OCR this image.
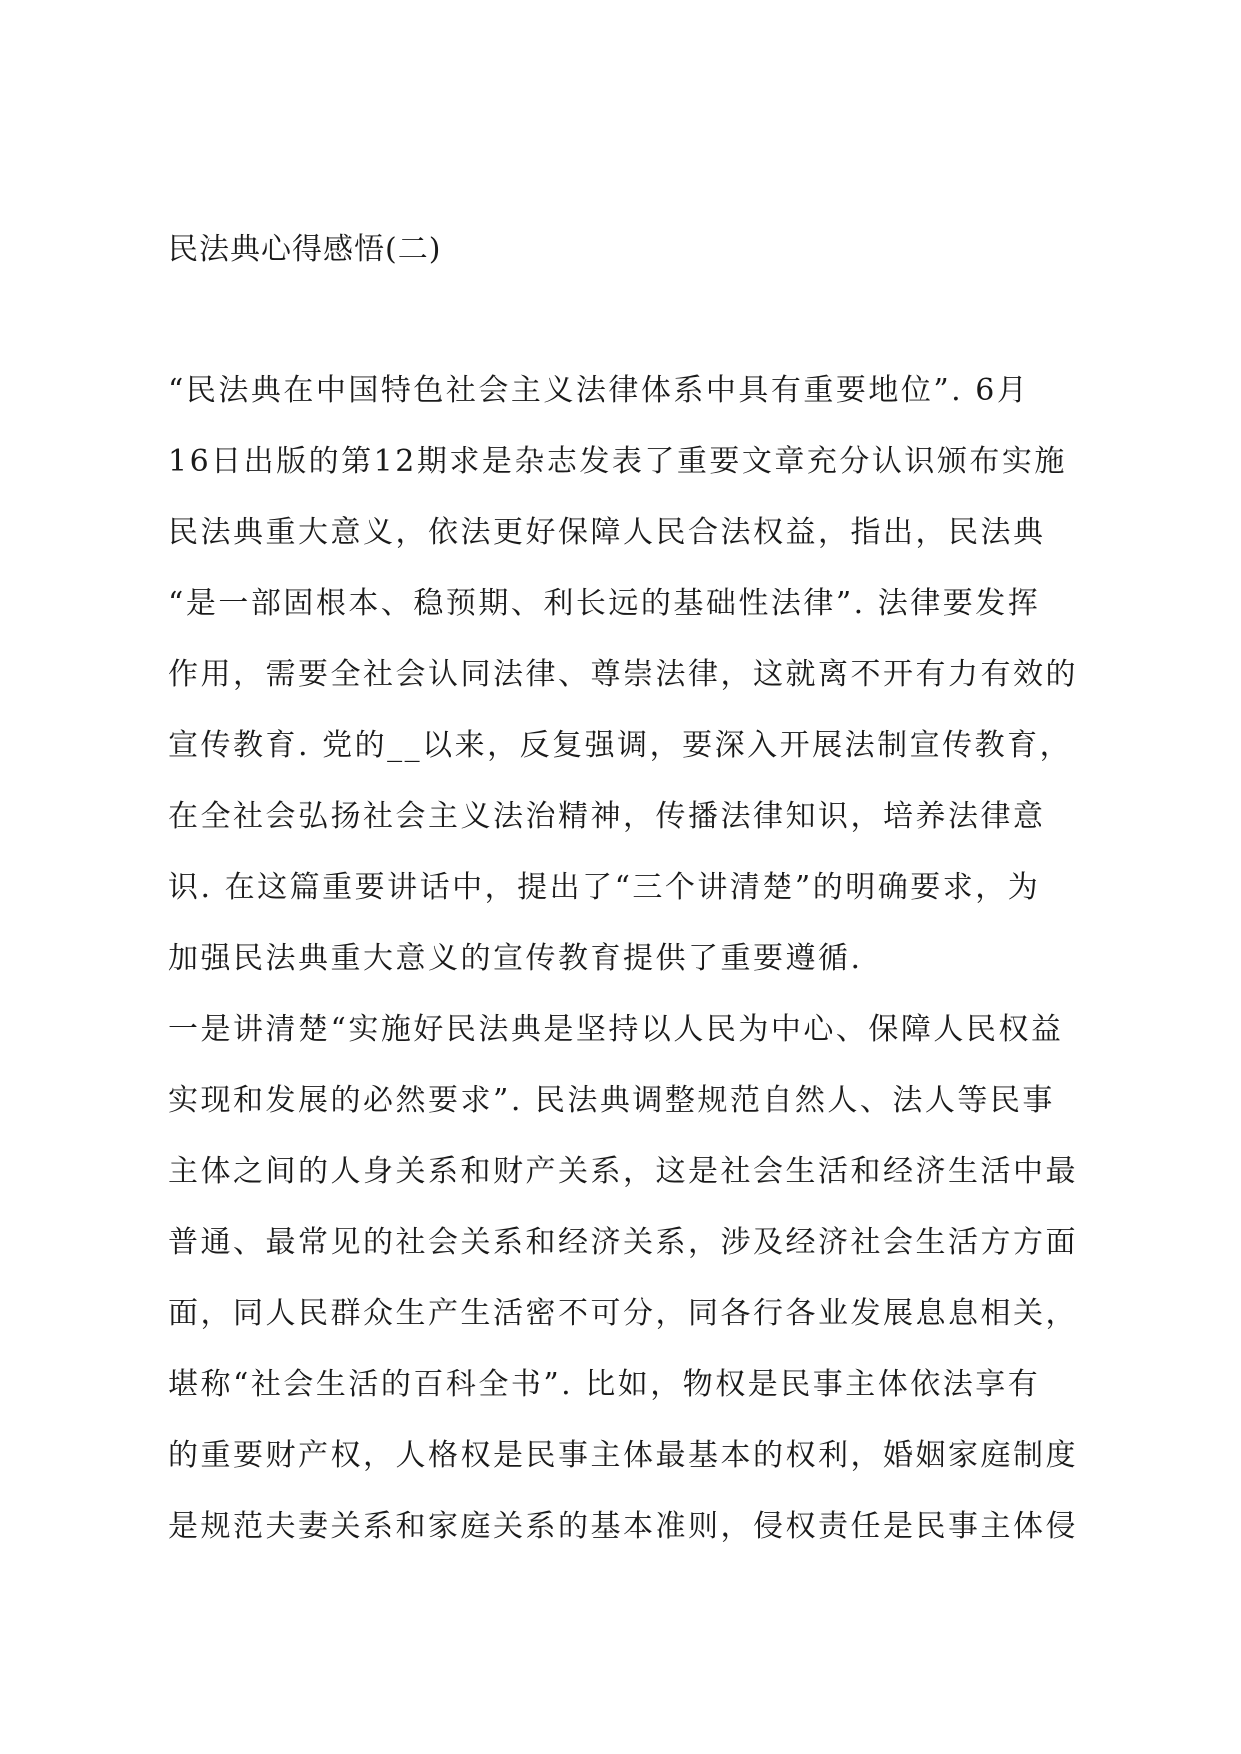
民法典心得感悟(二)
“民法典在中国特色社会主义法律体系中具有重要地位”. 6月
16日出版的第12期求是杂志发表了重要文章充分认识颁布实施
民法典重大意义，依法更好保障人民合法权益，指出，民法典
“是一部固根本、稳预期、利长远的基础性法律”. 法律要发挥
作用，需要全社会认同法律、尊崇法律，这就离不开有力有效的
宣传教育. 党的__以来，反复强调，要深入开展法制宣传教育，
在全社会弘扬社会主义法治精神，传播法律知识，培养法律意
识. 在这篇重要讲话中，提出了“三个讲清楚”的明确要求，为
加强民法典重大意义的宣传教育提供了重要遵循.
一是讲清楚“实施好民法典是坚持以人民为中心、保障人民权益
实现和发展的必然要求”. 民法典调整规范自然人、法人等民事
主体之间的人身关系和财产关系，这是社会生活和经济生活中最
普通、最常见的社会关系和经济关系，涉及经济社会生活方方面
面，同人民群众生产生活密不可分，同各行各业发展息息相关，
堪称“社会生活的百科全书”. 比如，物权是民事主体依法享有
的重要财产权，人格权是民事主体最基本的权利，婚姻家庭制度
是规范夫妻关系和家庭关系的基本准则，侵权责任是民事主体侵
